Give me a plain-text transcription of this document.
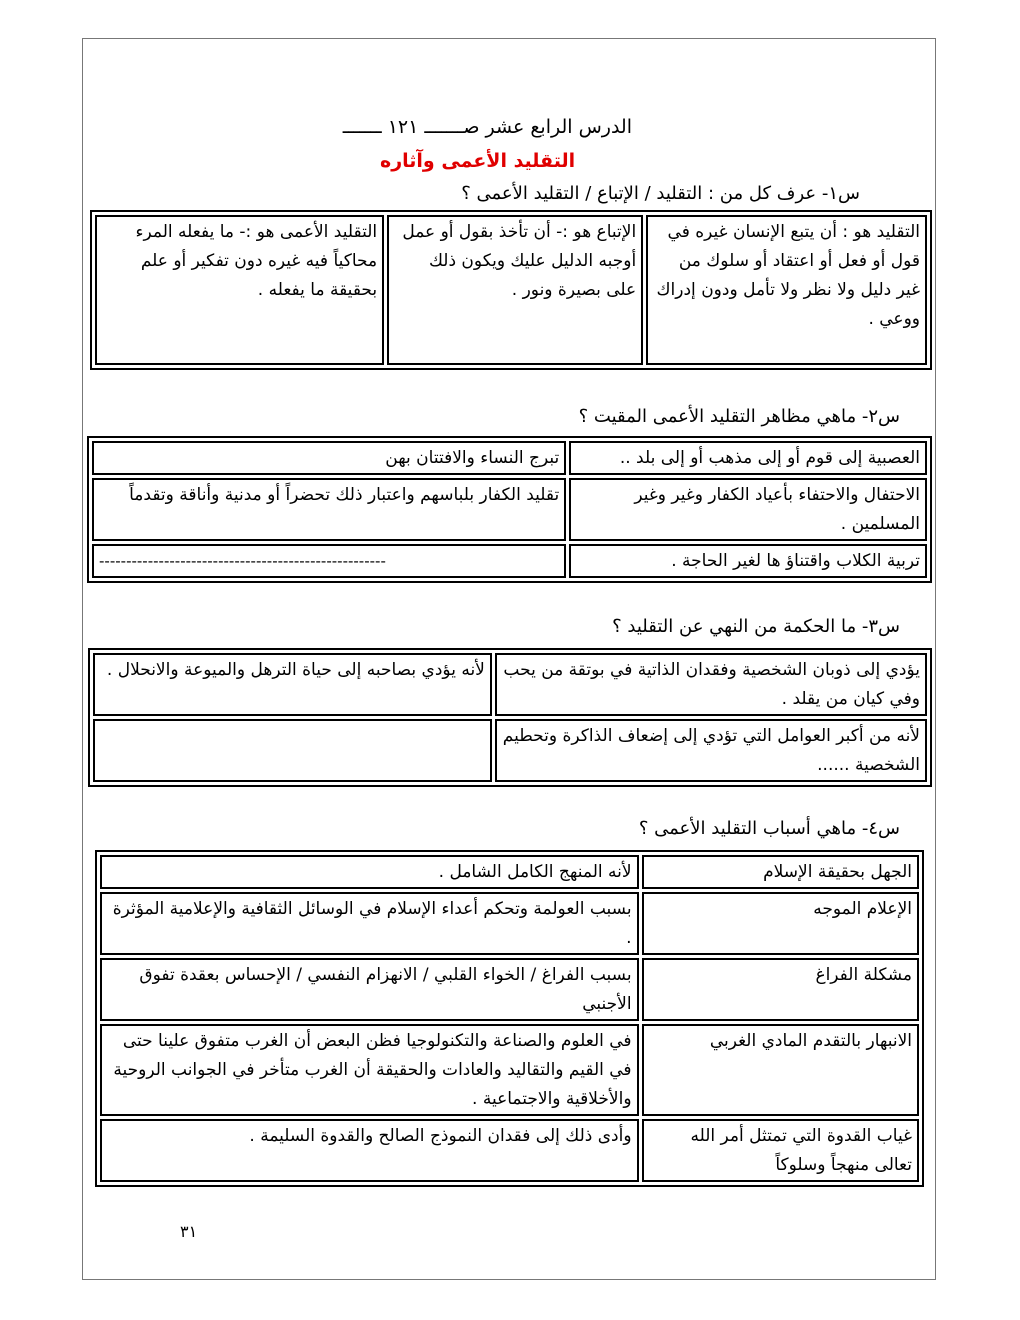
الدرس الرابع عشر صـــــــ ١٢١ ـــــــ
التقليد الأعمى وآثاره
س١- عرف كل من : التقليد / الإتباع / التقليد الأعمى ؟
التقليد هو : أن يتبع الإنسان غيره في قول أو فعل أو اعتقاد أو سلوك من غير دليل ولا نظر ولا تأمل ودون إدراك ووعي .	الإتباع هو :- أن تأخذ بقول أو عمل أوجبه الدليل عليك ويكون ذلك على بصيرة ونور .	التقليد الأعمى هو :- ما يفعله المرء محاكياً فيه غيره دون تفكير أو علم بحقيقة ما يفعله .
س٢- ماهي مظاهر التقليد الأعمى المقيت ؟
العصبية إلى قوم أو إلى مذهب أو إلى بلد ..	تبرج النساء والافتتان بهن
الاحتفال والاحتفاء بأعياد الكفار وغير وغير المسلمين .	تقليد الكفار بلباسهم واعتبار ذلك تحضراً أو مدنية وأناقة وتقدماً
تربية الكلاب واقتناؤ ها لغير الحاجة .	-----------------------------------------------------
س٣- ما الحكمة من النهي عن التقليد ؟
يؤدي إلى ذوبان الشخصية وفقدان الذاتية في بوتقة من يحب وفي كيان من يقلد .	لأنه يؤدي بصاحبه إلى حياة الترهل والميوعة والانحلال .
لأنه من أكبر العوامل التي تؤدي إلى إضعاف الذاكرة وتحطيم الشخصية ......	
س٤- ماهي أسباب التقليد الأعمى ؟
الجهل بحقيقة الإسلام	لأنه المنهج الكامل الشامل .
الإعلام الموجه	بسبب العولمة وتحكم أعداء الإسلام في الوسائل الثقافية والإعلامية المؤثرة .
مشكلة الفراغ	بسبب الفراغ / الخواء القلبي / الانهزام النفسي / الإحساس بعقدة تفوق الأجنبي
الانبهار بالتقدم المادي الغربي	في العلوم والصناعة والتكنولوجيا فظن البعض أن الغرب متفوق علينا حتى في القيم والتقاليد والعادات والحقيقة أن الغرب متأخر في الجوانب الروحية والأخلاقية والاجتماعية .
غياب القدوة التي تمتثل أمر الله تعالى منهجاً وسلوكاً	وأدى ذلك إلى فقدان النموذج الصالح والقدوة السليمة .
٣١
